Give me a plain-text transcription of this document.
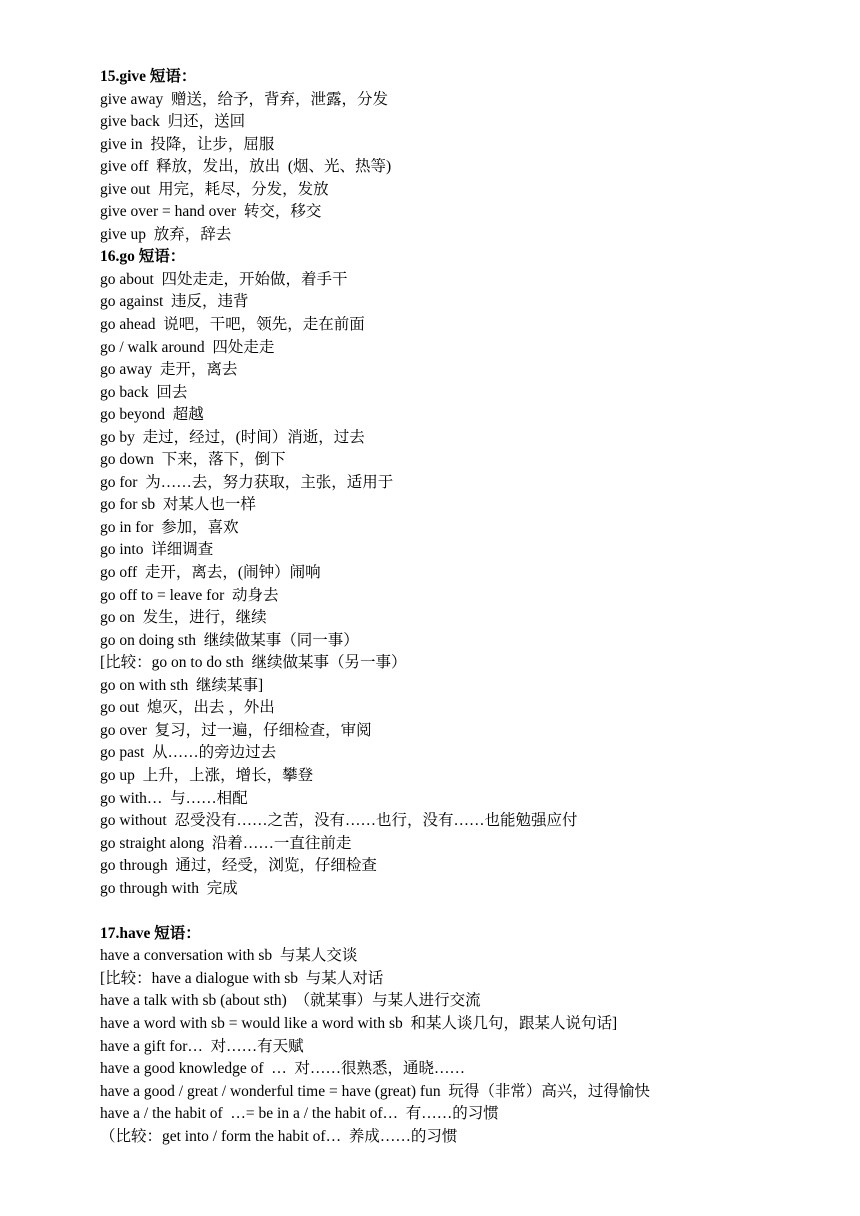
15.give 短语：
give away  赠送，给予，背弃，泄露，分发
give back  归还，送回
give in  投降，让步，屈服
give off  释放，发出，放出  (烟、光、热等)
give out  用完，耗尽，分发，发放
give over = hand over  转交，移交
give up  放弃，辞去
16.go 短语：
go about  四处走走，开始做，着手干
go against  违反，违背
go ahead  说吧，干吧，领先，走在前面
go / walk around  四处走走
go away  走开，离去
go back  回去
go beyond  超越
go by  走过，经过，(时间）消逝，过去
go down  下来，落下，倒下
go for  为……去，努力获取，主张，适用于
go for sb  对某人也一样
go in for  参加，喜欢
go into  详细调查
go off  走开，离去，(闹钟）闹响
go off to = leave for  动身去
go on  发生，进行，继续
go on doing sth  继续做某事（同一事）
[比较：go on to do sth  继续做某事（另一事）
go on with sth  继续某事]
go out  熄灭，出去 ，外出
go over  复习，过一遍，仔细检查，审阅
go past  从……的旁边过去
go up  上升，上涨，增长，攀登
go with…  与……相配
go without  忍受没有……之苦，没有……也行，没有……也能勉强应付
go straight along  沿着……一直往前走
go through  通过，经受，浏览，仔细检查
go through with  完成
17.have 短语：
have a conversation with sb  与某人交谈
[比较：have a dialogue with sb  与某人对话
have a talk with sb (about sth)  （就某事）与某人进行交流
have a word with sb = would like a word with sb  和某人谈几句，跟某人说句话]
have a gift for…  对……有天赋
have a good knowledge of  …  对……很熟悉，通晓……
have a good / great / wonderful time = have (great) fun  玩得（非常）高兴，过得愉快
have a / the habit of  …= be in a / the habit of…  有……的习惯
（比较：get into / form the habit of…  养成……的习惯
